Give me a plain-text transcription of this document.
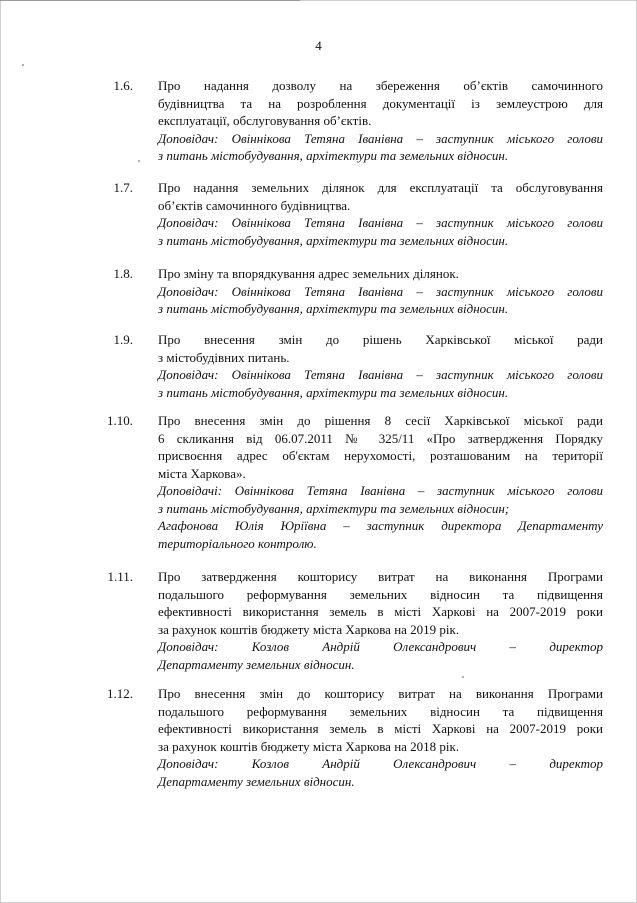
4
1.6. Про надання дозволу на збереження об’єктів самочинного
будівництва та на розроблення документації із землеустрою для
експлуатації, обслуговування об’єктів.
Доповідач: Овіннікова Тетяна Іванівна – заступник міського голови
з питань містобудування, архітектури та земельних відносин.
1.7. Про надання земельних ділянок для експлуатації та обслуговування
об’єктів самочинного будівництва.
Доповідач: Овіннікова Тетяна Іванівна – заступник міського голови
з питань містобудування, архітектури та земельних відносин.
1.8. Про зміну та впорядкування адрес земельних ділянок.
Доповідач: Овіннікова Тетяна Іванівна – заступник міського голови
з питань містобудування, архітектури та земельних відносин.
1.9. Про внесення змін до рішень Харківської міської ради
з містобудівних питань.
Доповідач: Овіннікова Тетяна Іванівна – заступник міського голови
з питань містобудування, архітектури та земельних відносин.
1.10. Про внесення змін до рішення 8 сесії Харківської міської ради
6 скликання від 06.07.2011 № 325/11 «Про затвердження Порядку
присвоєння адрес об'єктам нерухомості, розташованим на території
міста Харкова».
Доповідачі: Овіннікова Тетяна Іванівна – заступник міського голови
з питань містобудування, архітектури та земельних відносин;
Агафонова Юлія Юріївна – заступник директора Департаменту
територіального контролю.
1.11. Про затвердження кошторису витрат на виконання Програми
подальшого реформування земельних відносин та підвищення
ефективності використання земель в місті Харкові на 2007-2019 роки
за рахунок коштів бюджету міста Харкова на 2019 рік.
Доповідач: Козлов Андрій Олександрович – директор
Департаменту земельних відносин.
1.12. Про внесення змін до кошторису витрат на виконання Програми
подальшого реформування земельних відносин та підвищення
ефективності використання земель в місті Харкові на 2007-2019 роки
за рахунок коштів бюджету міста Харкова на 2018 рік.
Доповідач: Козлов Андрій Олександрович – директор
Департаменту земельних відносин.
